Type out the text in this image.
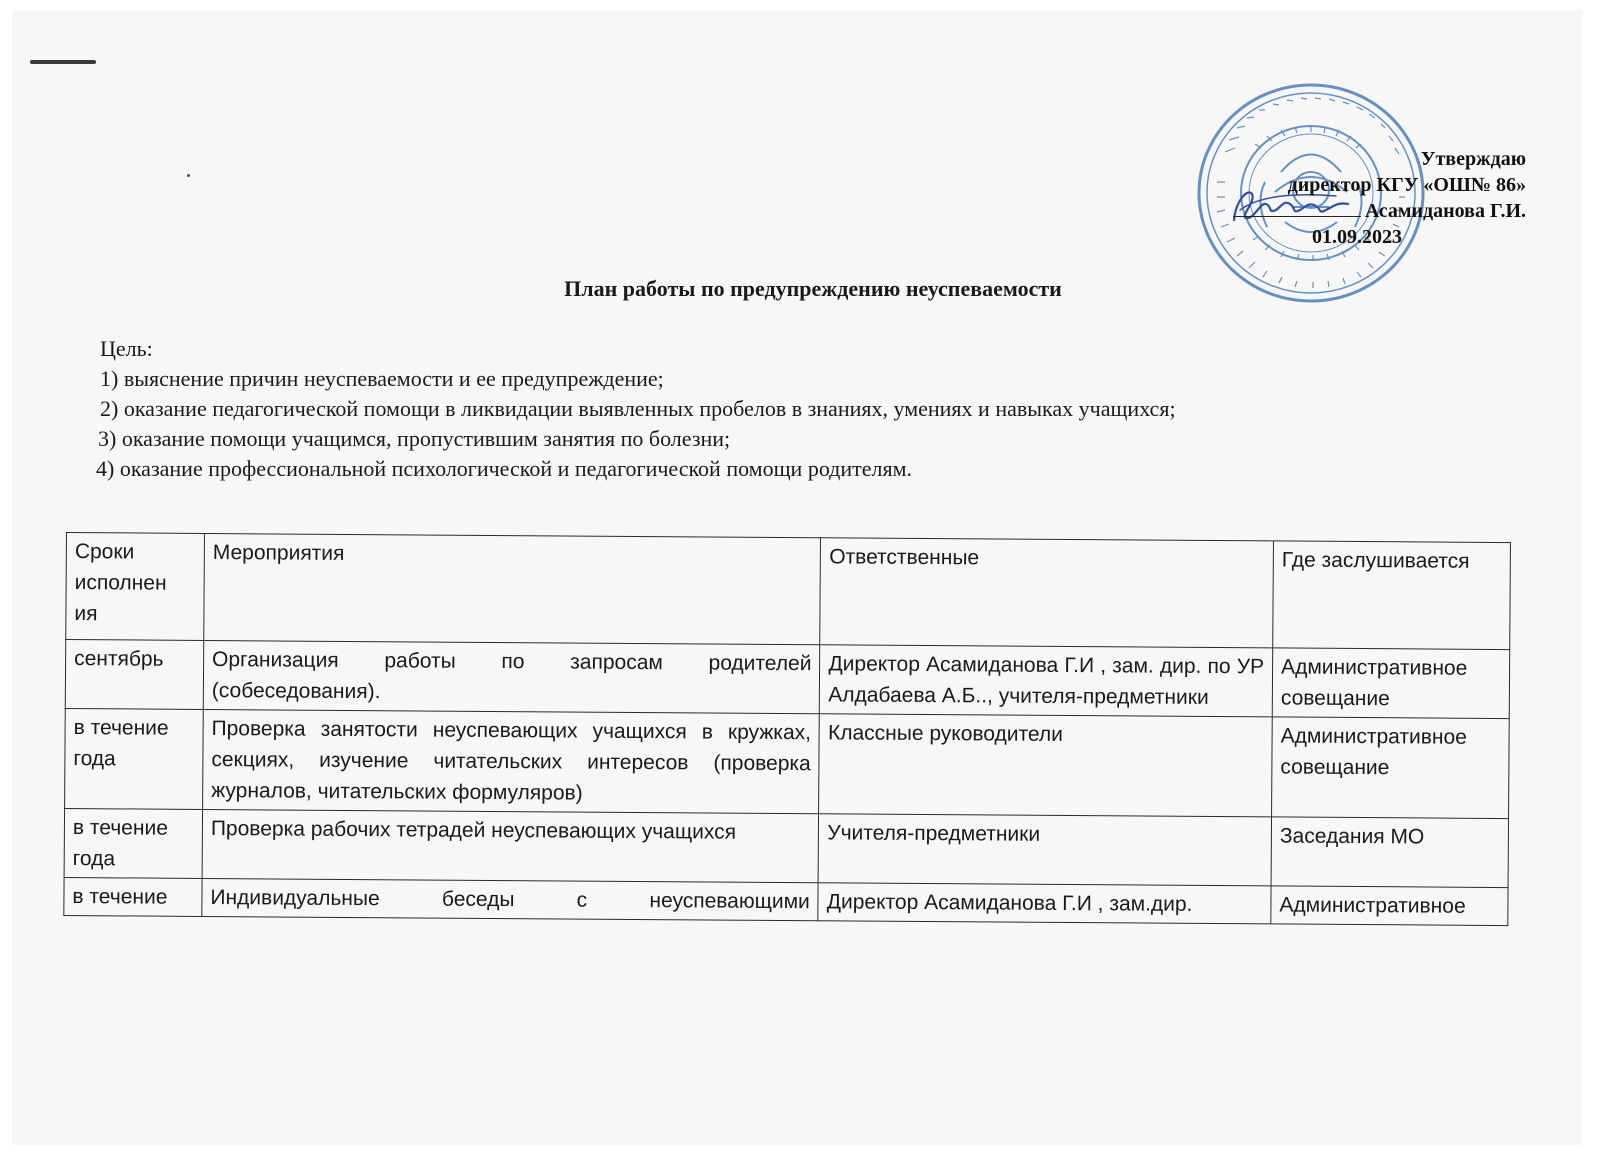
Утверждаю
директор КГУ «ОШ№ 86»
Асамиданова Г.И.
01.09.2023
План работы по предупреждению неуспеваемости
Цель:
1) выяснение причин неуспеваемости и ее предупреждение;
2) оказание педагогической помощи в ликвидации выявленных пробелов в знаниях, умениях и навыках учащихся;
3) оказание помощи учащимся, пропустившим занятия по болезни;
4) оказание профессиональной психологической и педагогической помощи родителям.
Сроки
исполнен
ия	Мероприятия	Ответственные	Где заслушивается
сентябрь	Организация работы по запросам родителей (собеседования).	Директор Асамиданова Г.И , зам. дир. по УР Алдабаева А.Б.., учителя-предметники	Административное совещание
в течение года	Проверка занятости неуспевающих учащихся в кружках, секциях, изучение читательских интересов (проверка журналов, читательских формуляров)	Классные руководители	Административное совещание
в течение года	Проверка рабочих тетрадей неуспевающих учащихся	Учителя-предметники	Заседания МО
в течение	Индивидуальные беседы с неуспевающими	Директор Асамиданова Г.И , зам.дир.	Административное
